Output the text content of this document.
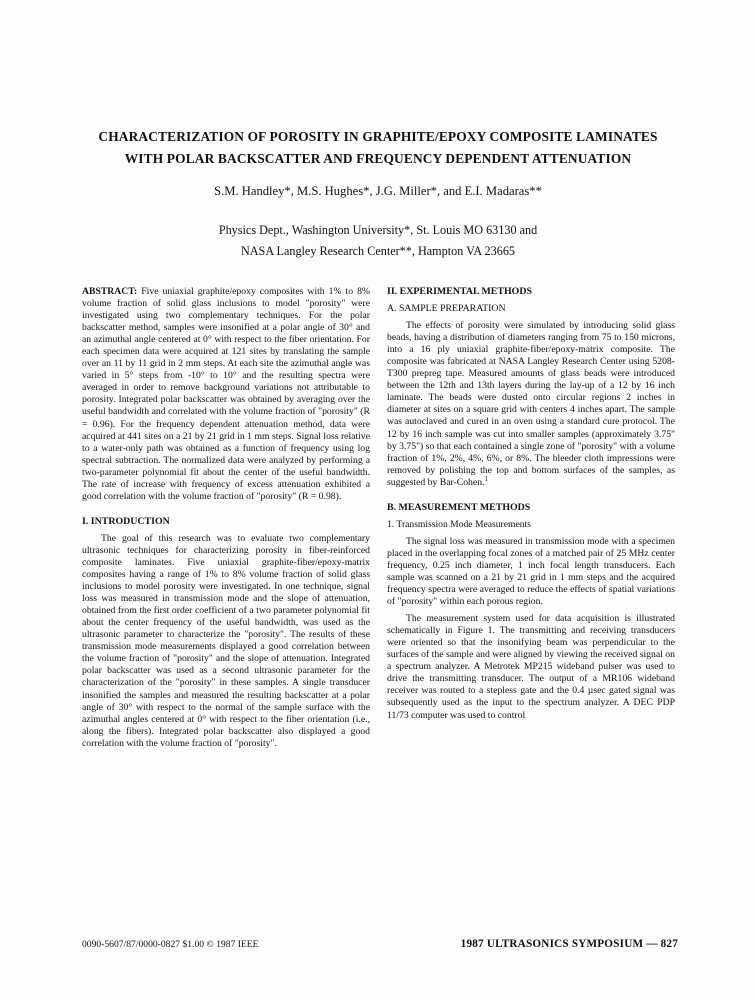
CHARACTERIZATION OF POROSITY IN GRAPHITE/EPOXY COMPOSITE LAMINATES
WITH POLAR BACKSCATTER AND FREQUENCY DEPENDENT ATTENUATION
S.M. Handley*, M.S. Hughes*, J.G. Miller*, and E.I. Madaras**
Physics Dept., Washington University*, St. Louis MO 63130 and
NASA Langley Research Center**, Hampton VA 23665

ABSTRACT: Five uniaxial graphite/epoxy composites with 1% to 8% volume fraction of solid glass inclusions to model "porosity" were investigated using two complementary techniques. For the polar backscatter method, samples were insonified at a polar angle of 30° and an azimuthal angle centered at 0° with respect to the fiber orientation. For each specimen data were acquired at 121 sites by translating the sample over an 11 by 11 grid in 2 mm steps. At each site the azimuthal angle was varied in 5° steps from -10° to 10° and the resulting spectra were averaged in order to remove background variations not attributable to porosity. Integrated polar backscatter was obtained by averaging over the useful bandwidth and correlated with the volume fraction of "porosity" (R = 0.96). For the frequency dependent attenuation method, data were acquired at 441 sites on a 21 by 21 grid in 1 mm steps. Signal loss relative to a water-only path was obtained as a function of frequency using log spectral subtraction. The normalized data were analyzed by performing a two-parameter polynomial fit about the center of the useful bandwidth. The rate of increase with frequency of excess attenuation exhibited a good correlation with the volume fraction of "porosity" (R = 0.98).

I. INTRODUCTION

The goal of this research was to evaluate two complementary ultrasonic techniques for characterizing porosity in fiber-reinforced composite laminates. Five uniaxial graphite-fiber/epoxy-matrix composites having a range of 1% to 8% volume fraction of solid glass inclusions to model porosity were investigated. In one technique, signal loss was measured in transmission mode and the slope of attenuation, obtained from the first order coefficient of a two parameter polynomial fit about the center frequency of the useful bandwidth, was used as the ultrasonic parameter to characterize the "porosity". The results of these transmission mode measurements displayed a good correlation between the volume fraction of "porosity" and the slope of attenuation. Integrated polar backscatter was used as a second ultrasonic parameter for the characterization of the "porosity" in these samples. A single transducer insonified the samples and measured the resulting backscatter at a polar angle of 30° with respect to the normal of the sample surface with the azimuthal angles centered at 0° with respect to the fiber orientation (i.e., along the fibers). Integrated polar backscatter also displayed a good correlation with the volume fraction of "porosity".

II. EXPERIMENTAL METHODS

A. SAMPLE PREPARATION

The effects of porosity were simulated by introducing solid glass beads, having a distribution of diameters ranging from 75 to 150 microns, into a 16 ply uniaxial graphite-fiber/epoxy-matrix composite. The composite was fabricated at NASA Langley Research Center using 5208-T300 prepreg tape. Measured amounts of glass beads were introduced between the 12th and 13th layers during the lay-up of a 12 by 16 inch laminate. The beads were dusted onto circular regions 2 inches in diameter at sites on a square grid with centers 4 inches apart. The sample was autoclaved and cured in an oven using a standard cure protocol. The 12 by 16 inch sample was cut into smaller samples (approximately 3.75" by 3.75") so that each contained a single zone of "porosity" with a volume fraction of 1%, 2%, 4%, 6%, or 8%. The bleeder cloth impressions were removed by polishing the top and bottom surfaces of the samples, as suggested by Bar-Cohen.$^1$

B. MEASUREMENT METHODS

1. Transmission Mode Measurements

The signal loss was measured in transmission mode with a specimen placed in the overlapping focal zones of a matched pair of 25 MHz center frequency, 0.25 inch diameter, 1 inch focal length transducers. Each sample was scanned on a 21 by 21 grid in 1 mm steps and the acquired frequency spectra were averaged to reduce the effects of spatial variations of "porosity" within each porous region.

The measurement system used for data acquisition is illustrated schematically in Figure 1. The transmitting and receiving transducers were oriented so that the insonifying beam was perpendicular to the surfaces of the sample and were aligned by viewing the received signal on a spectrum analyzer. A Metrotek MP215 wideband pulser was used to drive the transmitting transducer. The output of a MR106 wideband receiver was routed to a stepless gate and the 0.4 µsec gated signal was subsequently used as the input to the spectrum analyzer. A DEC PDP 11/73 computer was used to control

0090-5607/87/0000-0827 $1.00 © 1987 IEEE	1987 ULTRASONICS SYMPOSIUM — 827
